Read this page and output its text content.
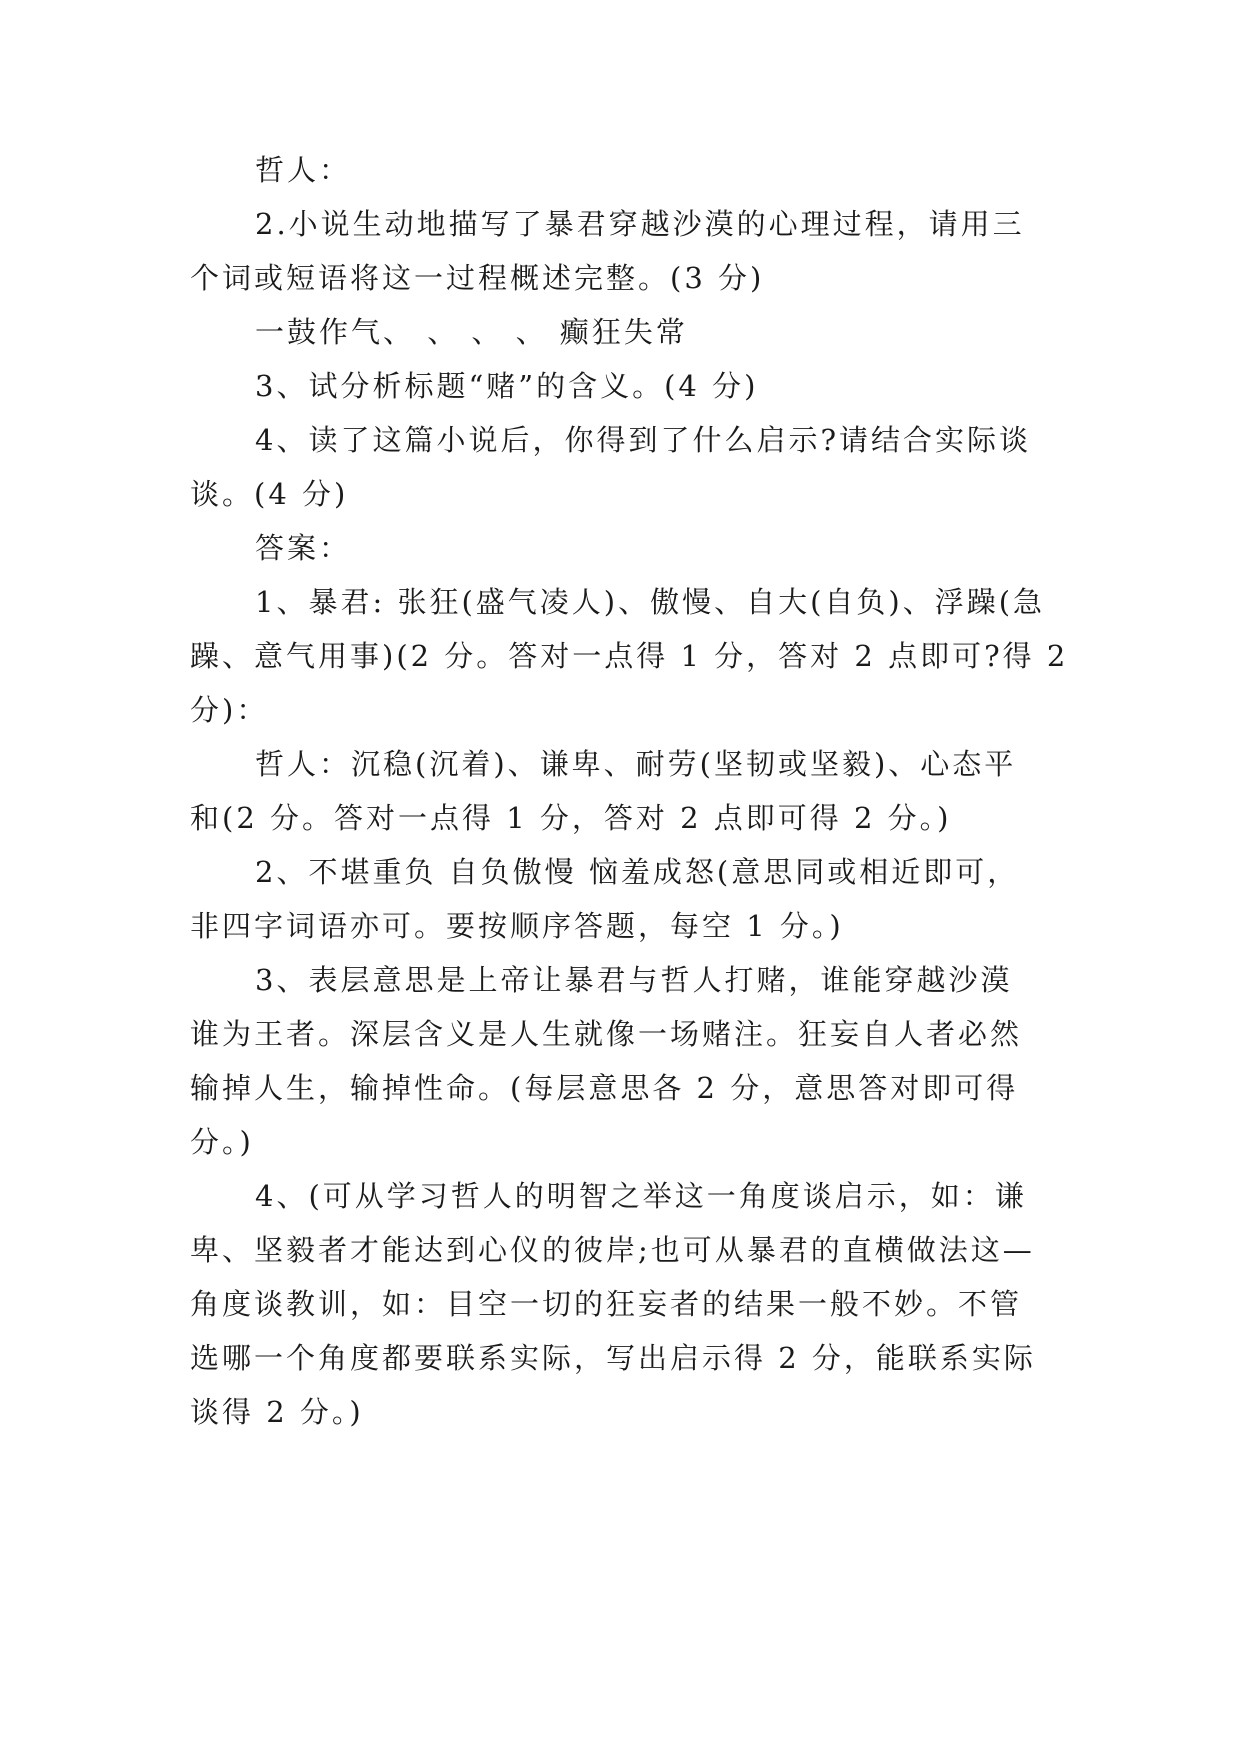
哲人：
2.小说生动地描写了暴君穿越沙漠的心理过程，请用三
个词或短语将这一过程概述完整。(3 分)
一鼓作气、 、 、 、 癫狂失常
3、试分析标题“赌”的含义。(4 分)
4、读了这篇小说后，你得到了什么启示?请结合实际谈
谈。(4 分)
答案：
1、暴君: 张狂(盛气凌人)、傲慢、自大(自负)、浮躁(急
躁、意气用事)(2 分。答对一点得 1 分，答对 2 点即可?得 2
分)：
哲人：沉稳(沉着)、谦卑、耐劳(坚韧或坚毅)、心态平
和(2 分。答对一点得 1 分，答对 2 点即可得 2 分。)
2、不堪重负 自负傲慢 恼羞成怒(意思同或相近即可，
非四字词语亦可。要按顺序答题，每空 1 分。)
3、表层意思是上帝让暴君与哲人打赌，谁能穿越沙漠
谁为王者。深层含义是人生就像一场赌注。狂妄自人者必然
输掉人生，输掉性命。(每层意思各 2 分，意思答对即可得
分。)
4、(可从学习哲人的明智之举这一角度谈启示，如：谦
卑、坚毅者才能达到心仪的彼岸;也可从暴君的直横做法这—
角度谈教训，如：目空一切的狂妄者的结果一般不妙。不管
选哪一个角度都要联系实际，写出启示得 2 分，能联系实际
谈得 2 分。)
